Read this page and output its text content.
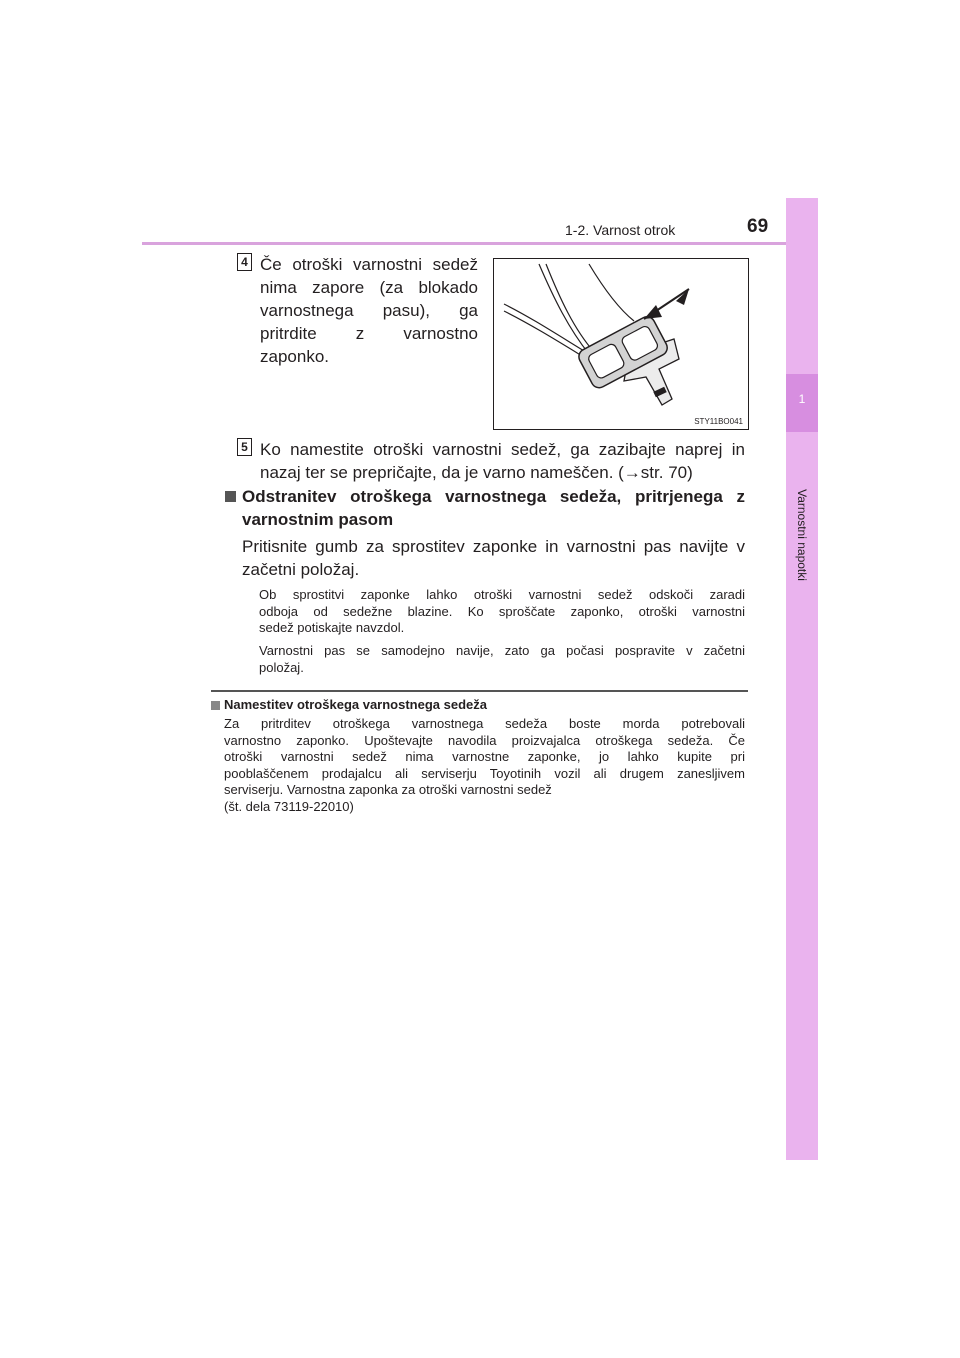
1-2. Varnost otrok	69
1
Varnostni napotki
4 Če otroški varnostni sedež
nima zapore (za blokado
varnostnega pasu), ga
pritrdite z varnostno
zaponko.
STY11BO041
5 Ko namestite otroški varnostni sedež, ga zazibajte naprej in
nazaj ter se prepričajte, da je varno nameščen. (→str. 70)
Odstranitev otroškega varnostnega sedeža, pritrjenega z
varnostnim pasom
Pritisnite gumb za sprostitev zaponke in varnostni pas navijte v
začetni položaj.
Ob sprostitvi zaponke lahko otroški varnostni sedež odskoči zaradi
odboja od sedežne blazine. Ko sproščate zaponko, otroški varnostni
sedež potiskajte navzdol.
Varnostni pas se samodejno navije, zato ga počasi pospravite v začetni
položaj.
Namestitev otroškega varnostnega sedeža
Za pritrditev otroškega varnostnega sedeža boste morda potrebovali
varnostno zaponko. Upoštevajte navodila proizvajalca otroškega sedeža. Če
otroški varnostni sedež nima varnostne zaponke, jo lahko kupite pri
pooblaščenem prodajalcu ali serviserju Toyotinih vozil ali drugem zanesljivem
serviserju. Varnostna zaponka za otroški varnostni sedež
(št. dela 73119-22010)
